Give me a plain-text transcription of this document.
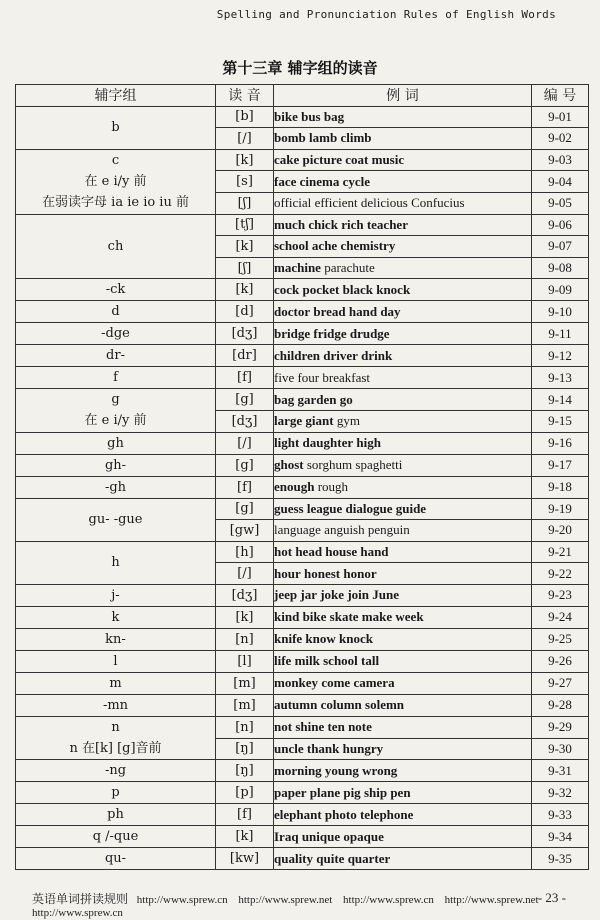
Spelling and Pronunciation Rules of English Words
第十三章 辅字组的读音
辅字组	读 音	例 词	编 号

b	[b]	bike bus bag	9-01
	[/]	bomb lamb climb	9-02

c
在 e i/y 前
在弱读字母 ia ie io iu 前	[k]	cake picture coat music	9-03
	[s]	face cinema cycle	9-04
	[ʃ]	official efficient delicious Confucius	9-05

ch	[tʃ]	much chick rich teacher	9-06
	[k]	school ache chemistry	9-07
	[ʃ]	machine parachute	9-08

-ck	[k]	cock pocket black knock	9-09

d	[d]	doctor bread hand day	9-10

-dge	[dʒ]	bridge fridge drudge	9-11

dr-	[dr]	children driver drink	9-12

f	[f]	five four breakfast	9-13

g
在 e i/y 前	[g]	bag garden go	9-14
	[dʒ]	large giant gym	9-15

gh	[/]	light daughter high	9-16

gh-	[g]	ghost sorghum spaghetti	9-17

-gh	[f]	enough rough	9-18

gu- -gue	[g]	guess league dialogue guide	9-19
	[gw]	language anguish penguin	9-20

h	[h]	hot head house hand	9-21
	[/]	hour honest honor	9-22

j-	[dʒ]	jeep jar joke join June	9-23

k	[k]	kind bike skate make week	9-24

kn-	[n]	knife know knock	9-25

l	[l]	life milk school tall	9-26

m	[m]	monkey come camera	9-27

-mn	[m]	autumn column solemn	9-28

n
n 在[k] [g]音前	[n]	not shine ten note	9-29
	[ŋ]	uncle thank hungry	9-30

-ng	[ŋ]	morning young wrong	9-31

p	[p]	paper plane pig ship pen	9-32

ph	[f]	elephant photo telephone	9-33

q /-que	[k]	Iraq unique opaque	9-34

qu-	[kw]	quality quite quarter	9-35
英语单词拼读规则 http://www.sprew.cn http://www.sprew.net http://www.sprew.cn http://www.sprew.net http://www.sprew.cn
- 23 -
